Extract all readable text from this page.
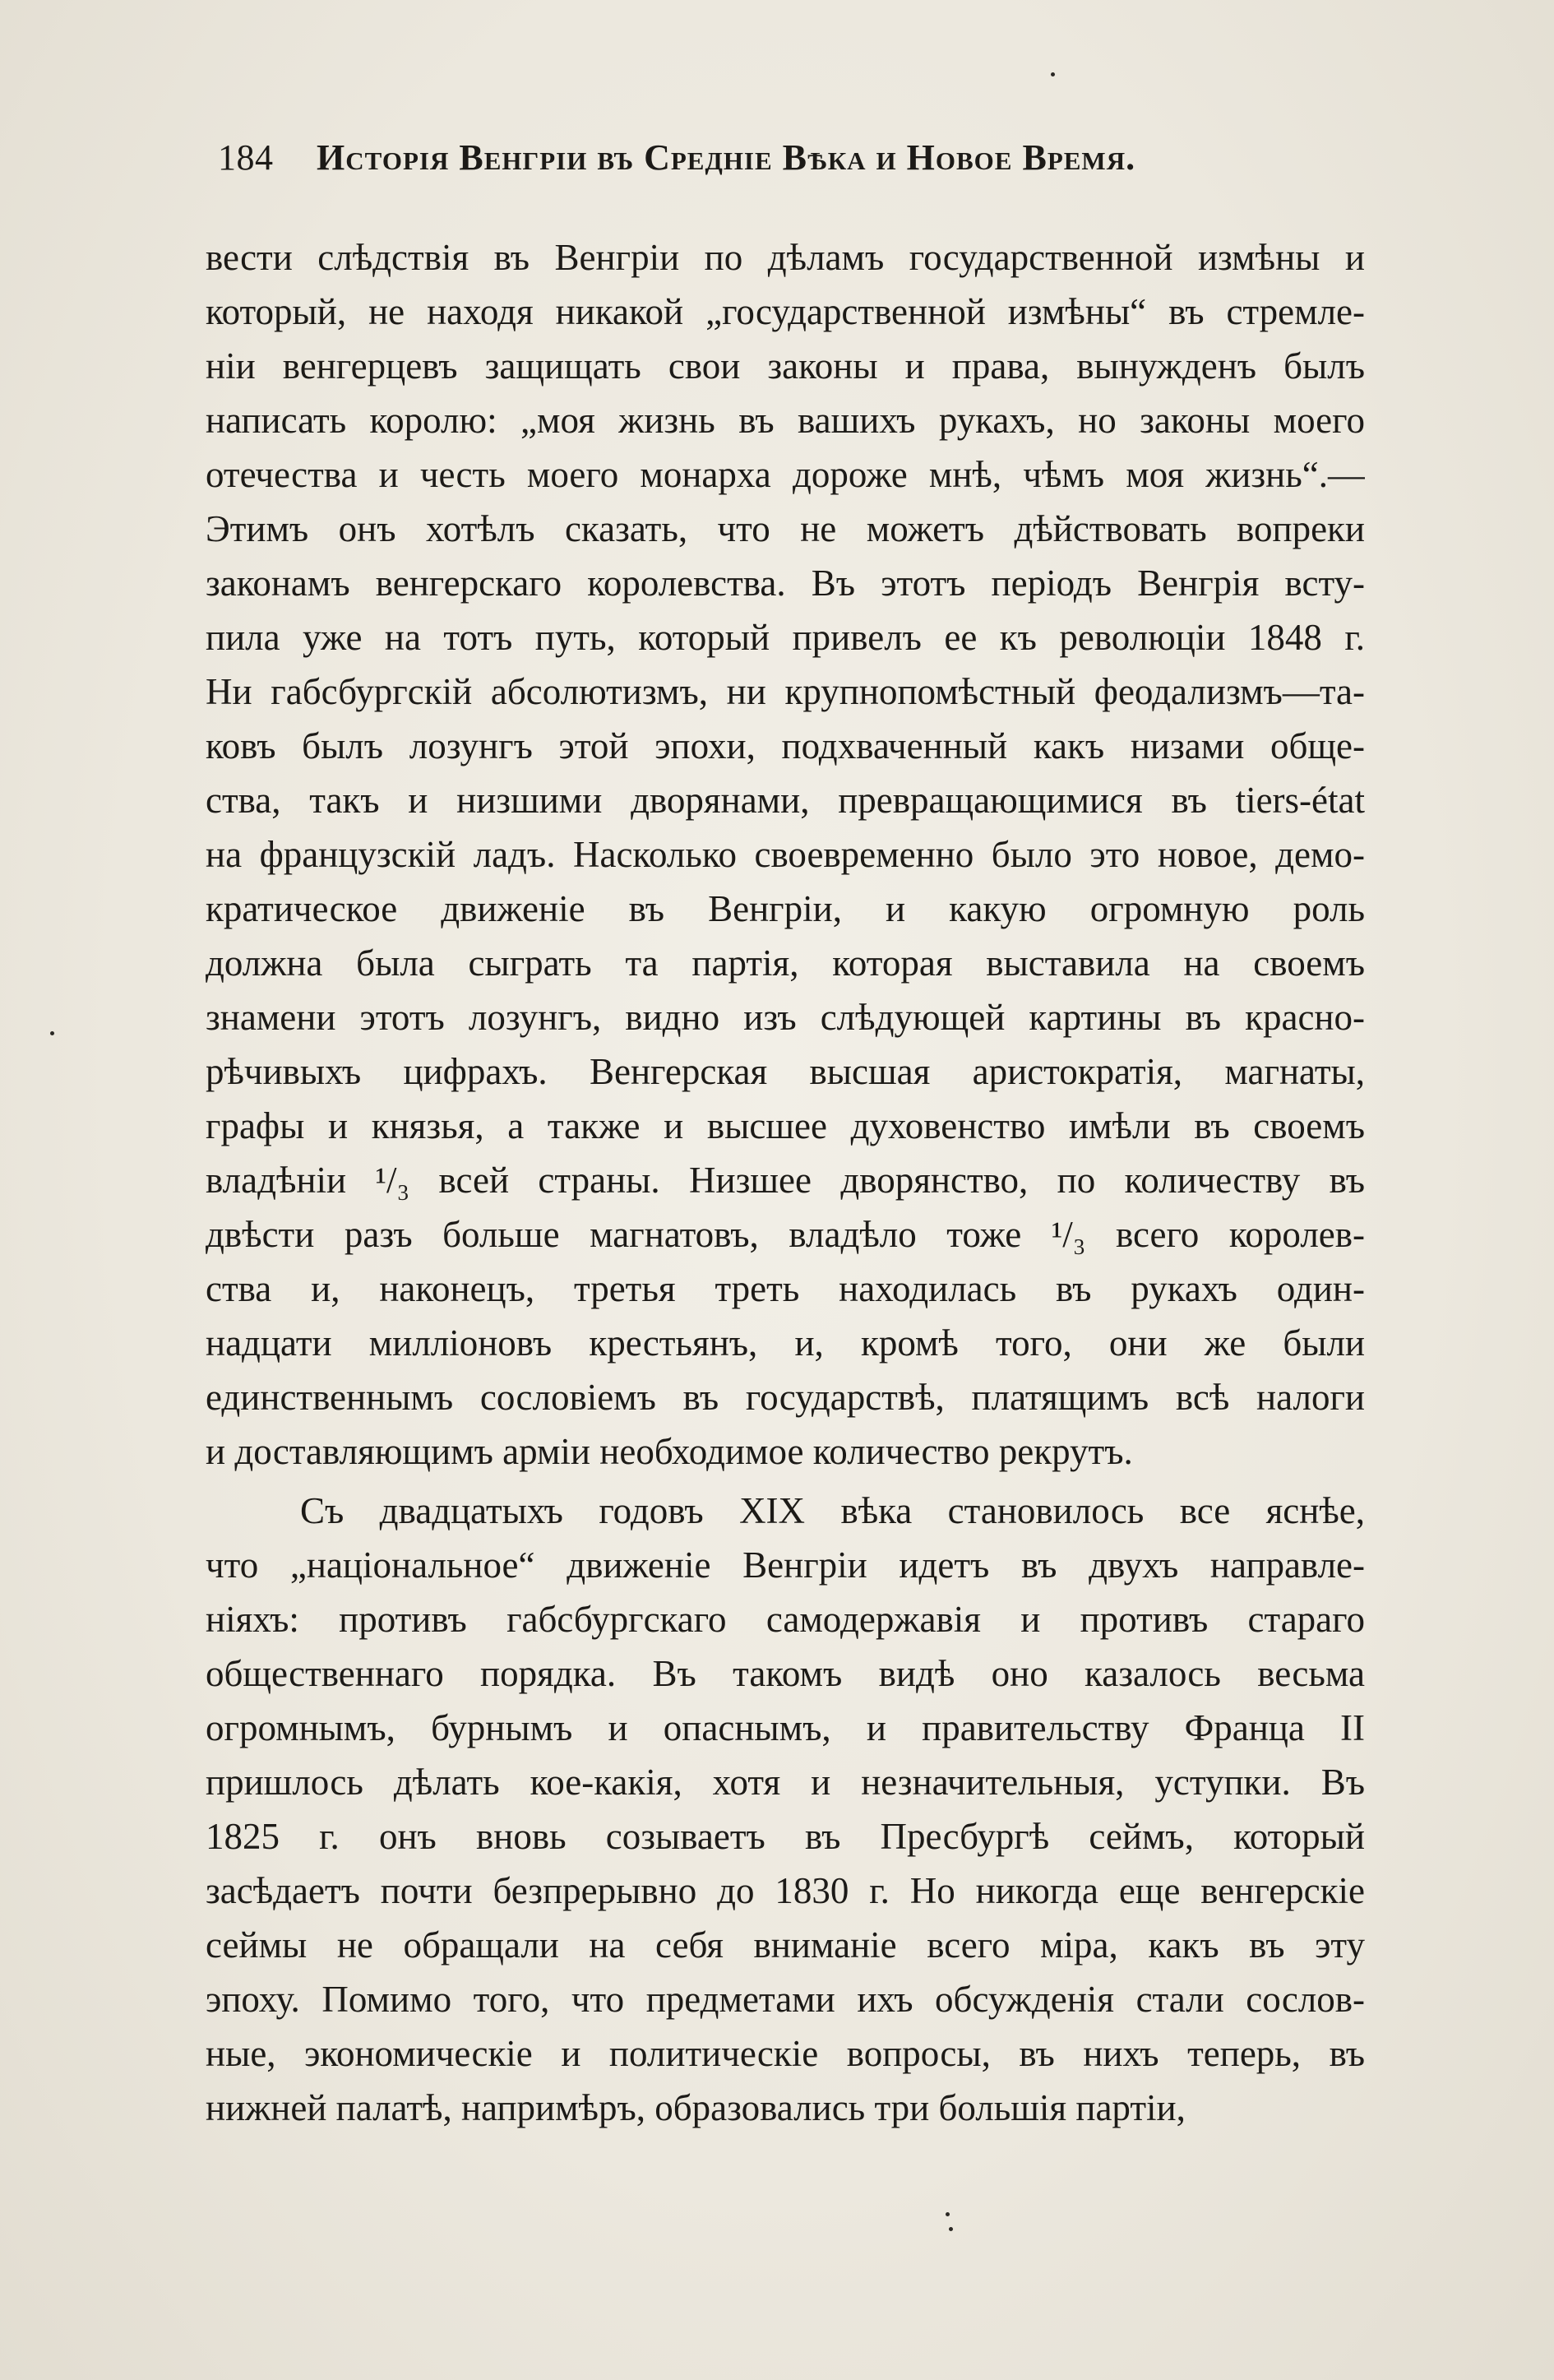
184 Исторія Венгріи въ Средніе Вѣка и Новое Время.
вести слѣдствія въ Венгріи по дѣламъ государственной измѣны и
который, не находя никакой „государственной измѣны“ въ стремле-
ніи венгерцевъ защищать свои законы и права, вынужденъ былъ
написать королю: „моя жизнь въ вашихъ рукахъ, но законы моего
отечества и честь моего монарха дороже мнѣ, чѣмъ моя жизнь“.—
Этимъ онъ хотѣлъ сказать, что не можетъ дѣйствовать вопреки
законамъ венгерскаго королевства. Въ этотъ періодъ Венгрія всту-
пила уже на тотъ путь, который привелъ ее къ революціи 1848 г.
Ни габсбургскій абсолютизмъ, ни крупнопомѣстный феодализмъ—та-
ковъ былъ лозунгъ этой эпохи, подхваченный какъ низами обще-
ства, такъ и низшими дворянами, превращающимися въ tiers-état
на французскій ладъ. Насколько своевременно было это новое, демо-
кратическое движеніе въ Венгріи, и какую огромную роль
должна была сыграть та партія, которая выставила на своемъ
знамени этотъ лозунгъ, видно изъ слѣдующей картины въ красно-
рѣчивыхъ цифрахъ. Венгерская высшая аристократія, магнаты,
графы и князья, а также и высшее духовенство имѣли въ своемъ
владѣніи ¹/₃ всей страны. Низшее дворянство, по количеству въ
двѣсти разъ больше магнатовъ, владѣло тоже ¹/₃ всего королев-
ства и, наконецъ, третья треть находилась въ рукахъ один-
надцати милліоновъ крестьянъ, и, кромѣ того, они же были
единственнымъ сословіемъ въ государствѣ, платящимъ всѣ налоги
и доставляющимъ арміи необходимое количество рекрутъ.
Съ двадцатыхъ годовъ XIX вѣка становилось все яснѣе,
что „національное“ движеніе Венгріи идетъ въ двухъ направле-
ніяхъ: противъ габсбургскаго самодержавія и противъ стараго
общественнаго порядка. Въ такомъ видѣ оно казалось весьма
огромнымъ, бурнымъ и опаснымъ, и правительству Франца II
пришлось дѣлать кое-какія, хотя и незначительныя, уступки. Въ
1825 г. онъ вновь созываетъ въ Пресбургѣ сеймъ, который
засѣдаетъ почти безпрерывно до 1830 г. Но никогда еще венгерскіе
сеймы не обращали на себя вниманіе всего міра, какъ въ эту
эпоху. Помимо того, что предметами ихъ обсужденія стали сослов-
ные, экономическіе и политическіе вопросы, въ нихъ теперь, въ
нижней палатѣ, напримѣръ, образовались три большія партіи,
